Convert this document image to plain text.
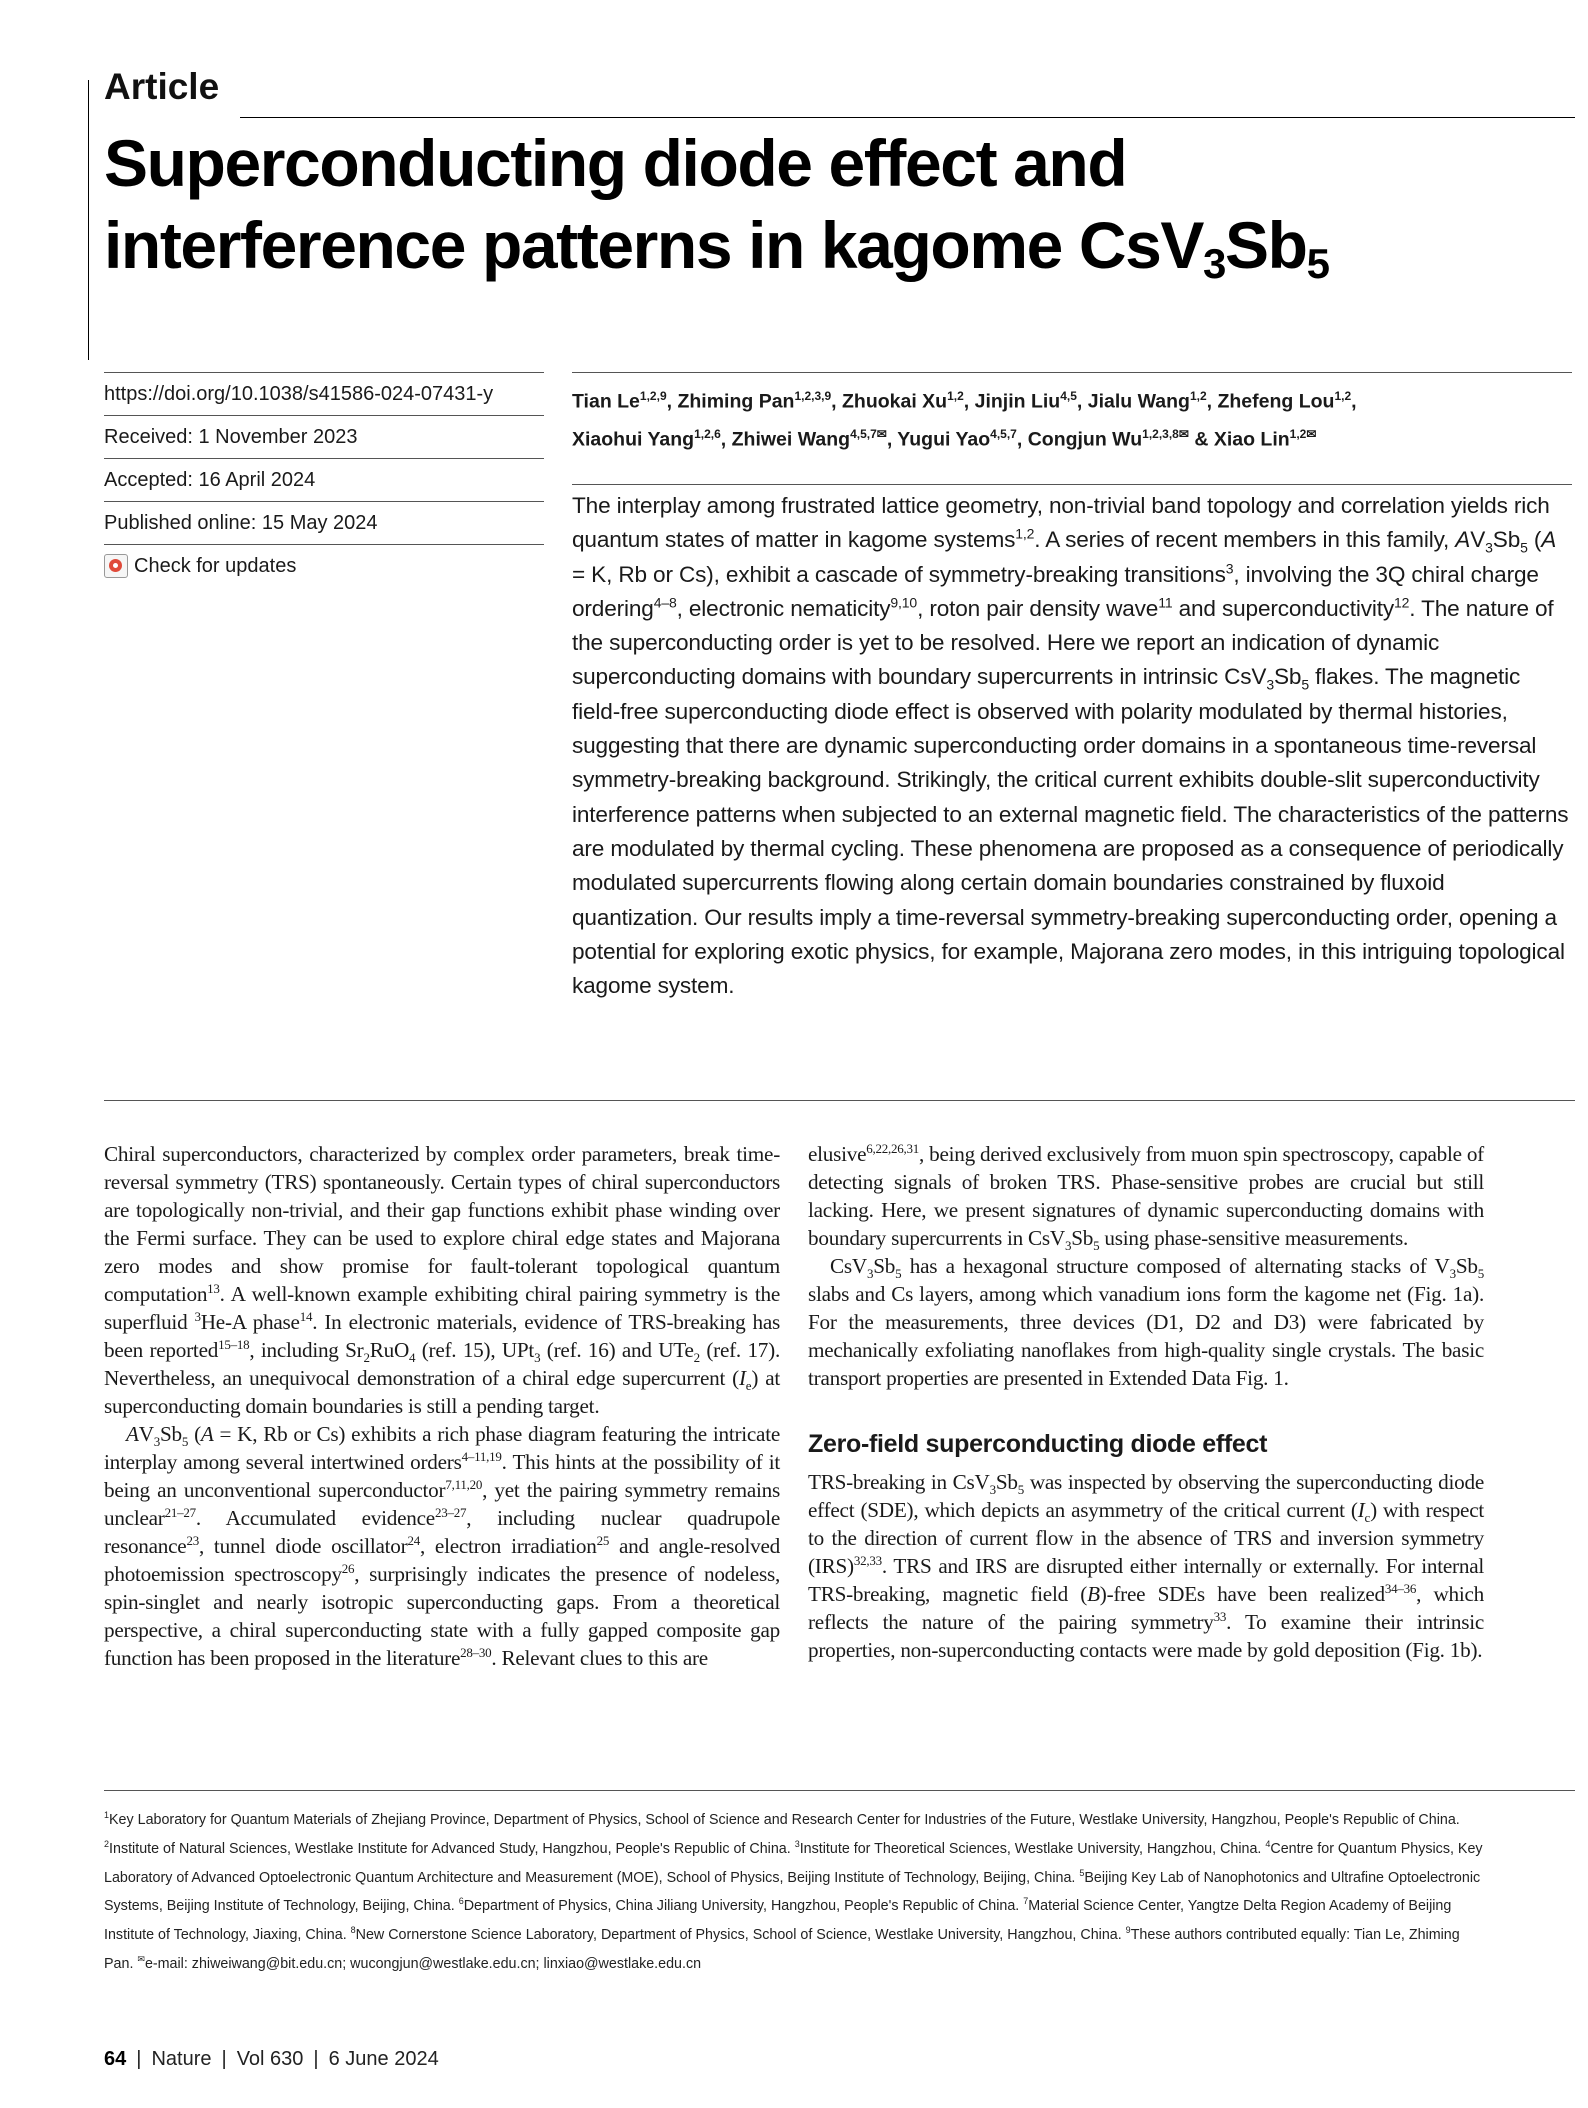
Article
Superconducting diode effect and
interference patterns in kagome $CsV_3Sb_5$
https://doi.org/10.1038/s41586-024-07431-y
Received: 1 November 2023
Accepted: 16 April 2024
Published online: 15 May 2024
Check for updates
Tian Le$^{1,2,9}$, Zhiming Pan$^{1,2,3,9}$, Zhuokai Xu$^{1,2}$, Jinjin Liu$^{4,5}$, Jialu Wang$^{1,2}$, Zhefeng Lou$^{1,2}$,
Xiaohui Yang$^{1,2,6}$, Zhiwei Wang$^{4,5,7✉}$, Yugui Yao$^{4,5,7}$, Congjun $Wu^{1,2,3,8✉}$ & Xiao Lin$^{1,2✉}$

The interplay among frustrated lattice geometry, non-trivial band topology and correlation yields rich quantum states of matter in kagome systems$^{1,2}$. A series of recent members in this family, $AV_3Sb_5$ (A = K, Rb or Cs), exhibit a cascade of symmetry-breaking transitions$^3$, involving the 3Q chiral charge ordering$^{4-8}$, electronic nematicity$^{9,10}$, roton pair density wave$^{11}$ and superconductivity$^{12}$. The nature of the superconducting order is yet to be resolved. Here we report an indication of dynamic superconducting domains with boundary supercurrents in intrinsic $CsV_3Sb_5$ flakes. The magnetic field-free superconducting diode effect is observed with polarity modulated by thermal histories, suggesting that there are dynamic superconducting order domains in a spontaneous time-reversal symmetry-breaking background. Strikingly, the critical current exhibits double-slit superconductivity interference patterns when subjected to an external magnetic field. The characteristics of the patterns are modulated by thermal cycling. These phenomena are proposed as a consequence of periodically modulated supercurrents flowing along certain domain boundaries constrained by fluxoid quantization. Our results imply a time-reversal symmetry-breaking superconducting order, opening a potential for exploring exotic physics, for example, Majorana zero modes, in this intriguing topological kagome system.

Chiral superconductors, characterized by complex order parameters, break time-reversal symmetry (TRS) spontaneously. Certain types of chiral superconductors are topologically non-trivial, and their gap functions exhibit phase winding over the Fermi surface. They can be used to explore chiral edge states and Majorana zero modes and show promise for fault-tolerant topological quantum computation$^{13}$. A well-known example exhibiting chiral pairing symmetry is the superfluid $^3$He-A phase$^{14}$. In electronic materials, evidence of TRS-breaking has been reported$^{15-18}$, including $Sr_2RuO_4$ (ref. 15), UPt$_3$ (ref. 16) and UTe$_2$ (ref. 17). Nevertheless, an unequivocal demonstration of a chiral edge supercurrent $(I_e)$ at superconducting domain boundaries is still a pending target.

$AV_3Sb_5$ (A = K, Rb or Cs) exhibits a rich phase diagram featuring the intricate interplay among several intertwined orders$^{4-11,19}$. This hints at the possibility of it being an unconventional superconductor$^{7,11,20}$, yet the pairing symmetry remains unclear$^{21-27}$. Accumulated evidence$^{23-27}$, including nuclear quadrupole resonance$^{23}$, tunnel diode oscillator$^{24}$, electron irradiation$^{25}$ and angle-resolved photoemission spectroscopy$^{26}$, surprisingly indicates the presence of nodeless, spin-singlet and nearly isotropic superconducting gaps. From a theoretical perspective, a chiral superconducting state with a fully gapped composite gap function has been proposed in the literature$^{28-30}$. Relevant clues to this are

elusive$^{6,22,26,31}$, being derived exclusively from muon spin spectroscopy, capable of detecting signals of broken TRS. Phase-sensitive probes are crucial but still lacking. Here, we present signatures of dynamic superconducting domains with boundary supercurrents in $CsV_3Sb_5$ using phase-sensitive measurements.

$CsV_3Sb_5$ has a hexagonal structure composed of alternating stacks of $V_3Sb_5$ slabs and Cs layers, among which vanadium ions form the kagome net (Fig. 1a). For the measurements, three devices (D1, D2 and D3) were fabricated by mechanically exfoliating nanoflakes from high-quality single crystals. The basic transport properties are presented in Extended Data Fig. 1.

Zero-field superconducting diode effect

TRS-breaking in $CsV_3Sb_5$ was inspected by observing the superconducting diode effect (SDE), which depicts an asymmetry of the critical current $(I_c)$ with respect to the direction of current flow in the absence of TRS and inversion symmetry (IRS)$^{32,33}$. TRS and IRS are disrupted either internally or externally. For internal TRS-breaking, magnetic field (B)-free SDEs have been realized$^{34-36}$, which reflects the nature of the pairing symmetry$^{33}$. To examine their intrinsic properties, non-superconducting contacts were made by gold deposition (Fig. 1b).

$^1$Key Laboratory for Quantum Materials of Zhejiang Province, Department of Physics, School of Science and Research Center for Industries of the Future, Westlake University, Hangzhou, People's Republic of China. $^2$Institute of Natural Sciences, Westlake Institute for Advanced Study, Hangzhou, People's Republic of China. $^3$Institute for Theoretical Sciences, Westlake University, Hangzhou, China. $^4$Centre for Quantum Physics, Key Laboratory of Advanced Optoelectronic Quantum Architecture and Measurement (MOE), School of Physics, Beijing Institute of Technology, Beijing, China. $^5$Beijing Key Lab of Nanophotonics and Ultrafine Optoelectronic Systems, Beijing Institute of Technology, Beijing, China. $^6$Department of Physics, China Jiliang University, Hangzhou, People's Republic of China. $^7$Material Science Center, Yangtze Delta Region Academy of Beijing Institute of Technology, Jiaxing, China. $^8$New Cornerstone Science Laboratory, Department of Physics, School of Science, Westlake University, Hangzhou, China. $^9$These authors contributed equally: Tian Le, Zhiming Pan. ✉e-mail: zhiweiwang@bit.edu.cn; wucongjun@westlake.edu.cn; linxiao@westlake.edu.cn

64 | Nature | Vol 630 | 6 June 2024
